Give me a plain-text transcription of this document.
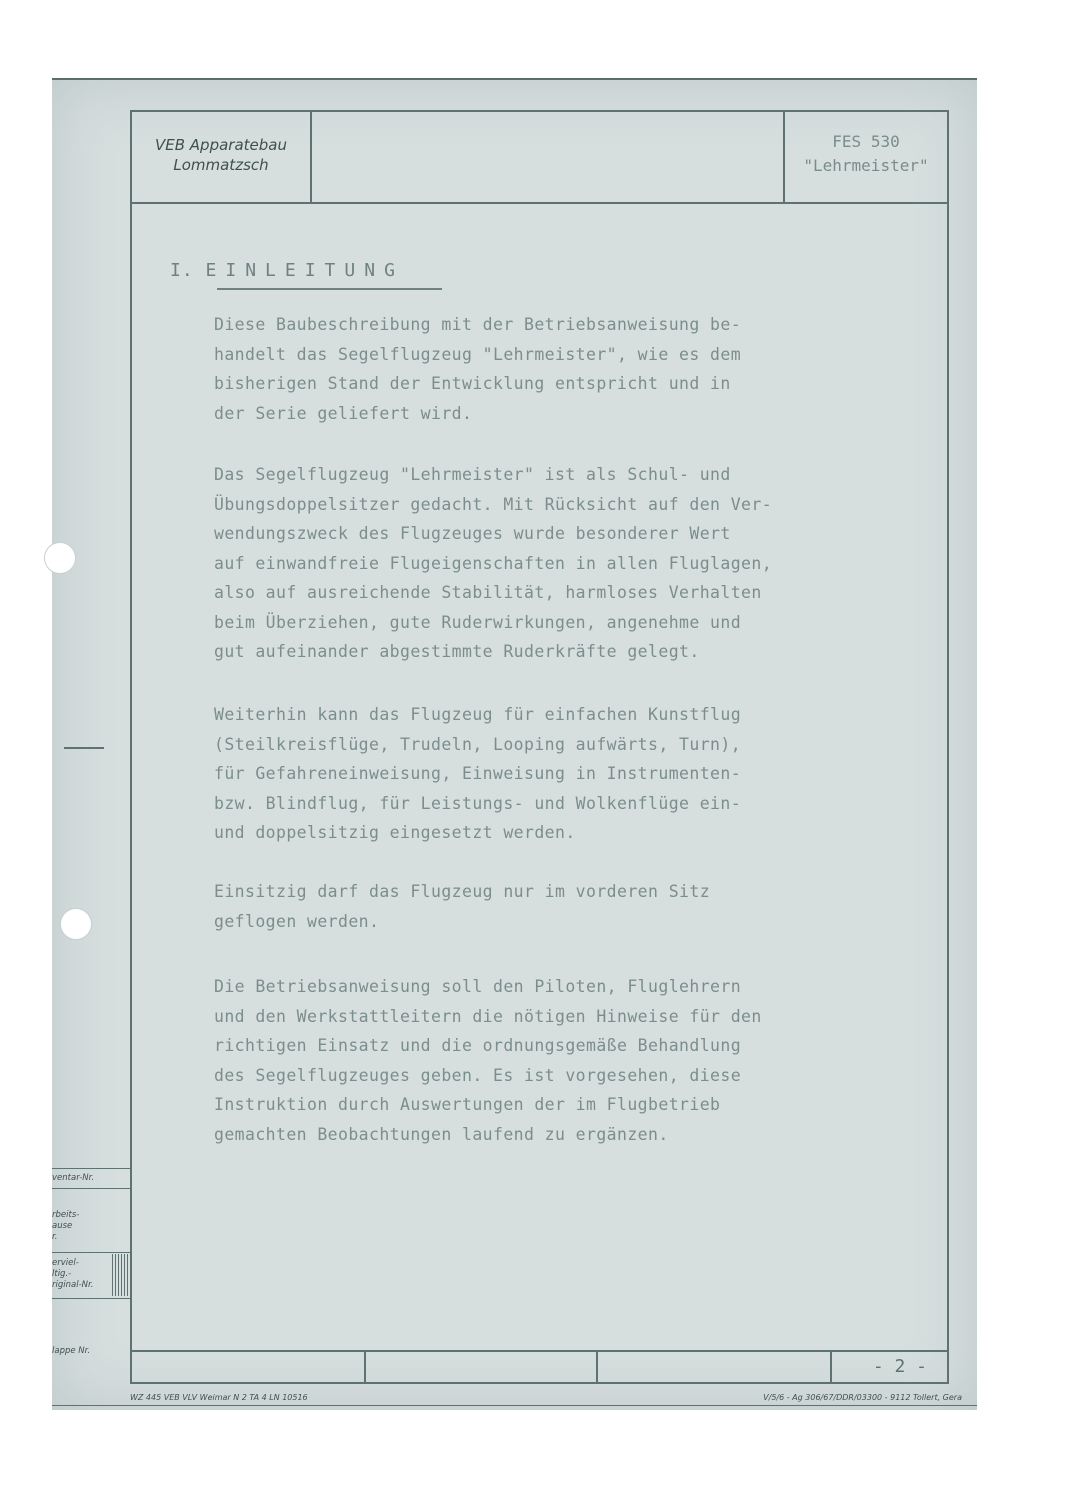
VEB Apparatebau
Lommatzsch
FES 530
"Lehrmeister"
I. EINLEITUNG

Diese Baubeschreibung mit der Betriebsanweisung be-
handelt das Segelflugzeug "Lehrmeister", wie es dem
bisherigen Stand der Entwicklung entspricht und in
der Serie geliefert wird.

Das Segelflugzeug "Lehrmeister" ist als Schul- und
Übungsdoppelsitzer gedacht. Mit Rücksicht auf den Ver-
wendungszweck des Flugzeuges wurde besonderer Wert
auf einwandfreie Flugeigenschaften in allen Fluglagen,
also auf ausreichende Stabilität, harmloses Verhalten
beim Überziehen, gute Ruderwirkungen, angenehme und
gut aufeinander abgestimmte Ruderkräfte gelegt.

Weiterhin kann das Flugzeug für einfachen Kunstflug
(Steilkreisflüge, Trudeln, Looping aufwärts, Turn),
für Gefahreneinweisung, Einweisung in Instrumenten-
bzw. Blindflug, für Leistungs- und Wolkenflüge ein-
und doppelsitzig eingesetzt werden.

Einsitzig darf das Flugzeug nur im vorderen Sitz
geflogen werden.

Die Betriebsanweisung soll den Piloten, Fluglehrern
und den Werkstattleitern die nötigen Hinweise für den
richtigen Einsatz und die ordnungsgemäße Behandlung
des Segelflugzeuges geben. Es ist vorgesehen, diese
Instruktion durch Auswertungen der im Flugbetrieb
gemachten Beobachtungen laufend zu ergänzen.

- 2 -
ventar-Nr.
rbeits-
ause
r.
erviel-
ltig.-
riginal-Nr.
lappe Nr.
WZ 445 VEB VLV Weimar N 2 TA 4 LN 10516	V/5/6 - Ag 306/67/DDR/03300 - 9112 Tollert, Gera
